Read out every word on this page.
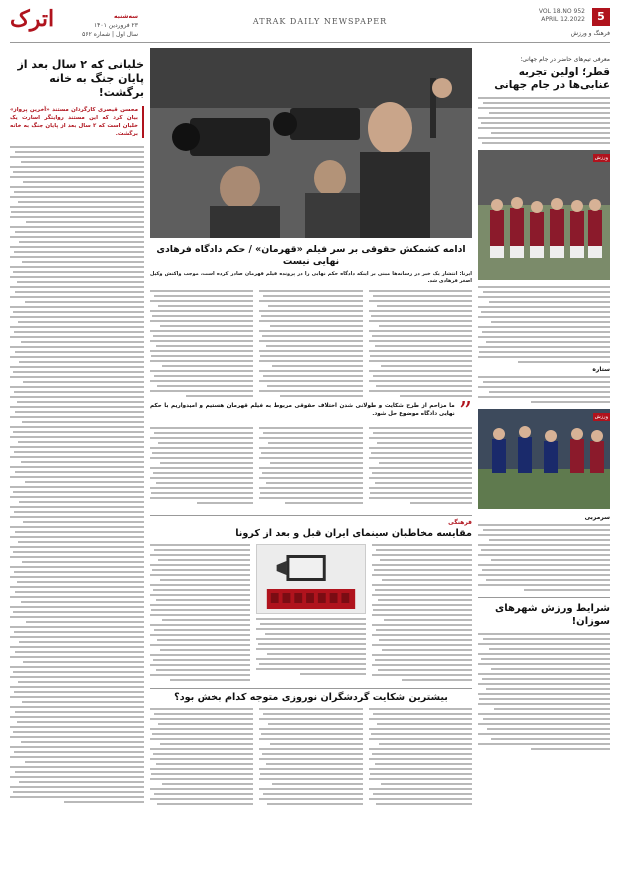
اترک	سه‌شنبه
۲۳ فروردین ۱۴۰۱
سال اول | شماره ۵۶۲
ATRAK DAILY NEWSPAPER
VOL 18.NO 952
APRIL 12.2022	5
فرهنگ و ورزش
خلبانی که ۲ سال بعد از پایان جنگ به خانه برگشت!
محسن قیصری کارگردان مستند «آخرین پرواز» بیان کرد که این مستند روایتگر اسارت یک خلبان است که ۲ سال بعد از پایان جنگ به خانه برگشت.
ادامه کشمکش حقوقی بر سر فیلم «قهرمان» / حکم دادگاه فرهادی نهایی نیست
ایرنا: انتشار یک خبر در رسانه‌ها مبنی بر اینکه دادگاه حکم نهایی را در پرونده فیلم قهرمان صادر کرده است، موجب واکنش وکیل اصغر فرهادی شد.
”
ما مزاحم از طرح شکایت و طولانی شدن اختلاف حقوقی مربوط به فیلم قهرمان هستیم و امیدواریم با حکم نهایی دادگاه موضوع حل شود.
فرهنگی
مقایسه مخاطبان سینمای ایران قبل و بعد از کرونا
بیشترین شکایت گردشگران نوروزی متوجه کدام بخش بود؟
معرفی تیم‌های حاضر در جام جهانی؛
قطر؛ اولین تجربه عنابی‌ها در جام جهانی
ورزش
ستاره
ورزش
سرمربی
شرایط ورزش شهرهای سوزان!
